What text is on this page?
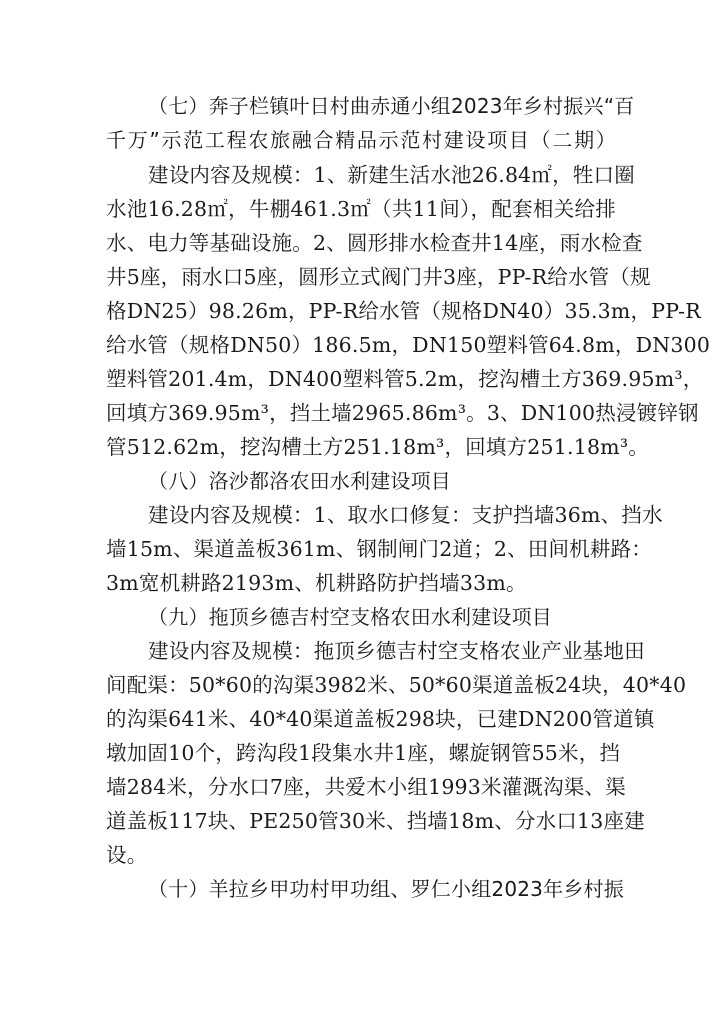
（七）奔子栏镇叶日村曲赤通小组2023年乡村振兴“百
千万”示范工程农旅融合精品示范村建设项目（二期）
建设内容及规模：1、新建生活水池26.84㎡，牲口圈
水池16.28㎡，牛棚461.3㎡（共11间），配套相关给排
水、电力等基础设施。2、圆形排水检查井14座，雨水检查
井5座，雨水口5座，圆形立式阀门井3座，PP-R给水管（规
格DN25）98.26m，PP-R给水管（规格DN40）35.3m，PP-R
给水管（规格DN50）186.5m，DN150塑料管64.8m，DN300
塑料管201.4m，DN400塑料管5.2m，挖沟槽土方369.95m³，
回填方369.95m³，挡土墙2965.86m³。3、DN100热浸镀锌钢
管512.62m，挖沟槽土方251.18m³，回填方251.18m³。
（八）洛沙都洛农田水利建设项目
建设内容及规模：1、取水口修复：支护挡墙36m、挡水
墙15m、渠道盖板361m、钢制闸门2道；2、田间机耕路：
3m宽机耕路2193m、机耕路防护挡墙33m。
（九）拖顶乡德吉村空支格农田水利建设项目
建设内容及规模：拖顶乡德吉村空支格农业产业基地田
间配渠：50*60的沟渠3982米、50*60渠道盖板24块，40*40
的沟渠641米、40*40渠道盖板298块，已建DN200管道镇
墩加固10个，跨沟段1段集水井1座，螺旋钢管55米，挡
墙284米，分水口7座，共爱木小组1993米灌溉沟渠、渠
道盖板117块、PE250管30米、挡墙18m、分水口13座建
设。
（十）羊拉乡甲功村甲功组、罗仁小组2023年乡村振
